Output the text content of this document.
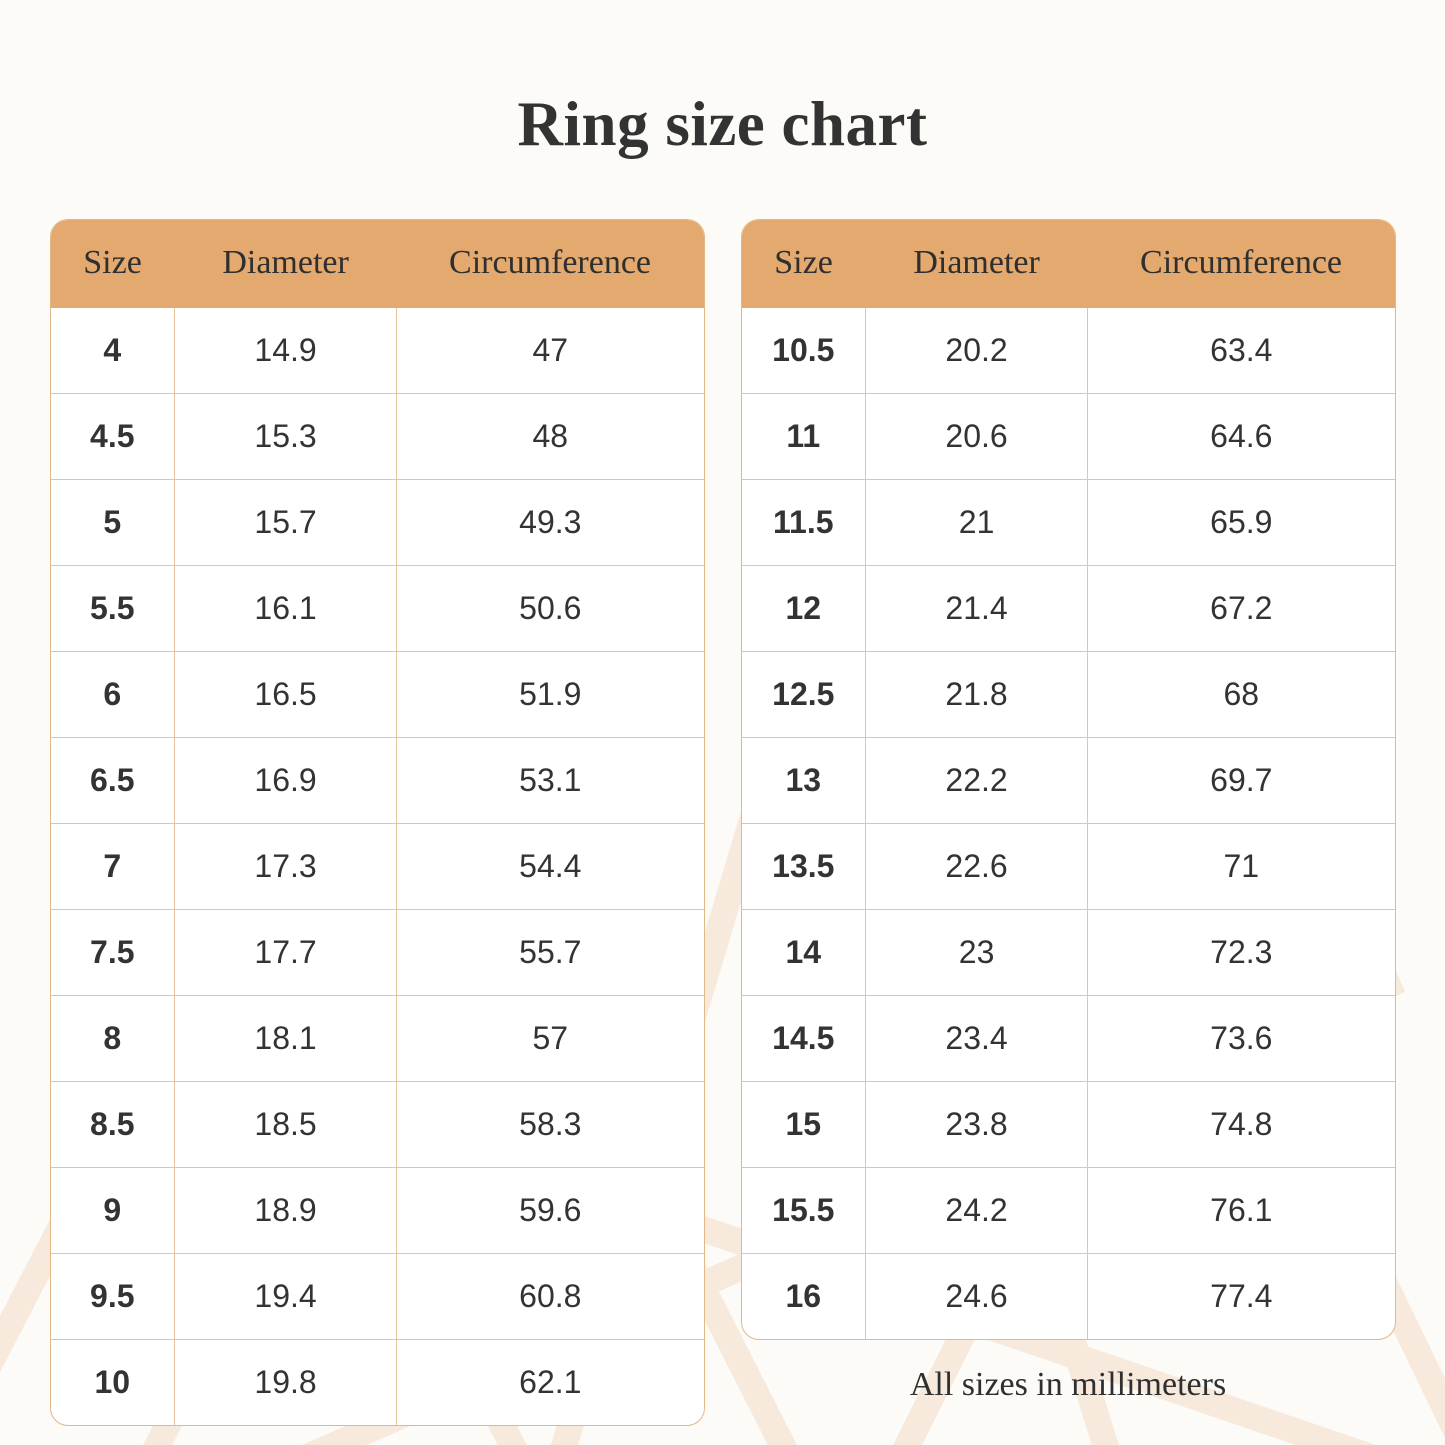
Ring size chart
Size	Diameter	Circumference
4	14.9	47
4.5	15.3	48
5	15.7	49.3
5.5	16.1	50.6
6	16.5	51.9
6.5	16.9	53.1
7	17.3	54.4
7.5	17.7	55.7
8	18.1	57
8.5	18.5	58.3
9	18.9	59.6
9.5	19.4	60.8
10	19.8	62.1
Size	Diameter	Circumference
10.5	20.2	63.4
11	20.6	64.6
11.5	21	65.9
12	21.4	67.2
12.5	21.8	68
13	22.2	69.7
13.5	22.6	71
14	23	72.3
14.5	23.4	73.6
15	23.8	74.8
15.5	24.2	76.1
16	24.6	77.4
All sizes in millimeters
